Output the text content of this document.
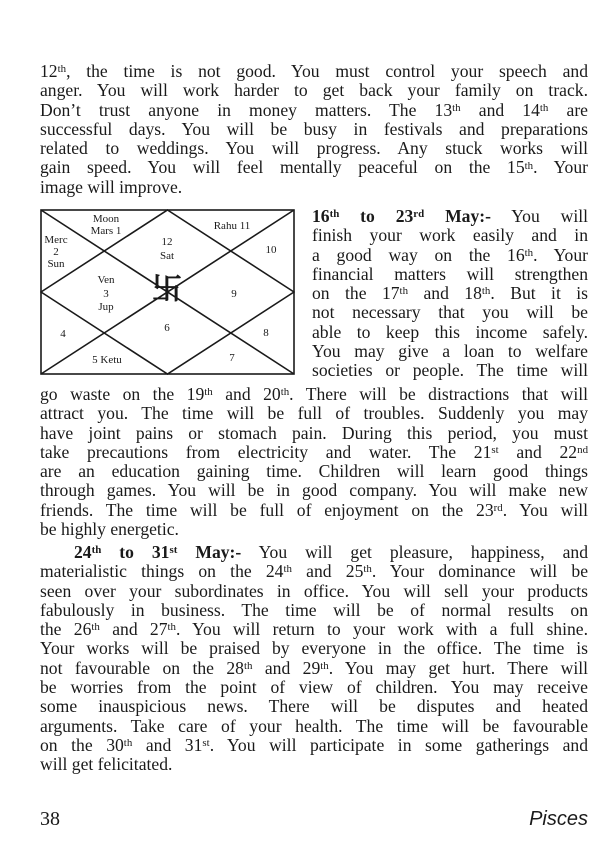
12th, the time is not good. You must control your speech and
anger. You will work harder to get back your family on track.
Don’t trust anyone in money matters. The 13th and 14th are
successful days. You will be busy in festivals and preparations
related to weddings. You will progress. Any stuck works will
gain speed. You will feel mentally peaceful on the 15th. Your
image will improve.
12
Sat
Moon
Mars 1
Merc
2
Sun
Ven
3
Jup
4
5 Ketu
6
7
8
9
10
Rahu 11
卐
16th to 23rd May:- You will
finish your work easily and in
a good way on the 16th. Your
financial matters will strengthen
on the 17th and 18th. But it is
not necessary that you will be
able to keep this income safely.
You may give a loan to welfare
societies or people. The time will
go waste on the 19th and 20th. There will be distractions that will
attract you. The time will be full of troubles. Suddenly you may
have joint pains or stomach pain. During this period, you must
take precautions from electricity and water. The 21st and 22nd
are an education gaining time. Children will learn good things
through games. You will be in good company. You will make new
friends. The time will be full of enjoyment on the 23rd. You will
be highly energetic.
24th to 31st May:- You will get pleasure, happiness, and
materialistic things on the 24th and 25th. Your dominance will be
seen over your subordinates in office. You will sell your products
fabulously in business. The time will be of normal results on
the 26th and 27th. You will return to your work with a full shine.
Your works will be praised by everyone in the office. The time is
not favourable on the 28th and 29th. You may get hurt. There will
be worries from the point of view of children. You may receive
some inauspicious news. There will be disputes and heated
arguments. Take care of your health. The time will be favourable
on the 30th and 31st. You will participate in some gatherings and
will get felicitated.
38	Pisces
